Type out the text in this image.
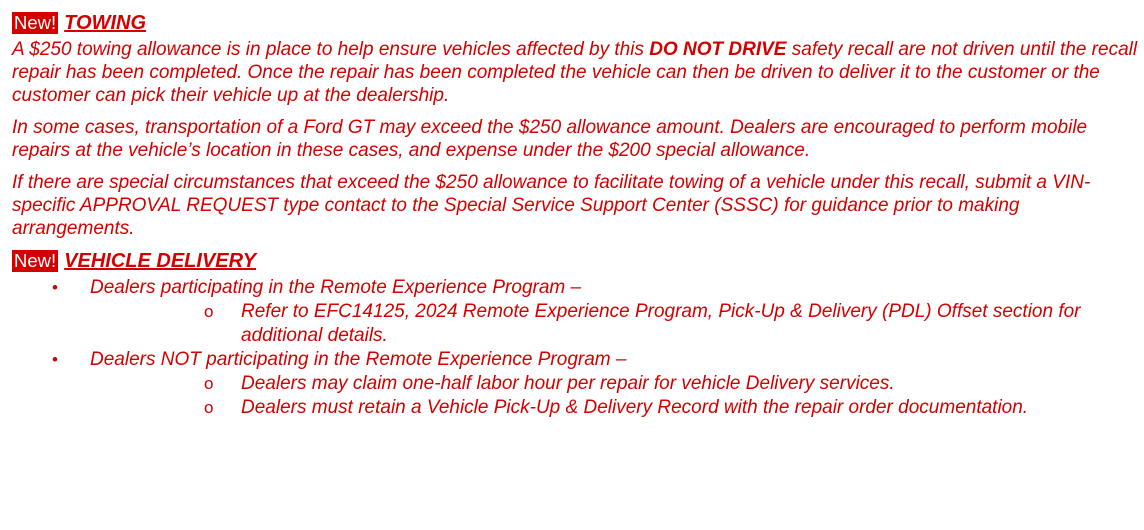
New! TOWING

A $250 towing allowance is in place to help ensure vehicles affected by this DO NOT DRIVE safety recall are not driven until the recall repair has been completed. Once the repair has been completed the vehicle can then be driven to deliver it to the customer or the customer can pick their vehicle up at the dealership.

In some cases, transportation of a Ford GT may exceed the $250 allowance amount. Dealers are encouraged to perform mobile repairs at the vehicle’s location in these cases, and expense under the $200 special allowance.

If there are special circumstances that exceed the $250 allowance to facilitate towing of a vehicle under this recall, submit a VIN-specific APPROVAL REQUEST type contact to the Special Service Support Center (SSSC) for guidance prior to making arrangements.

New! VEHICLE DELIVERY
• Dealers participating in the Remote Experience Program –
o Refer to EFC14125, 2024 Remote Experience Program, Pick-Up & Delivery (PDL) Offset section for additional details.
• Dealers NOT participating in the Remote Experience Program –
o Dealers may claim one-half labor hour per repair for vehicle Delivery services.
o Dealers must retain a Vehicle Pick-Up & Delivery Record with the repair order documentation.
